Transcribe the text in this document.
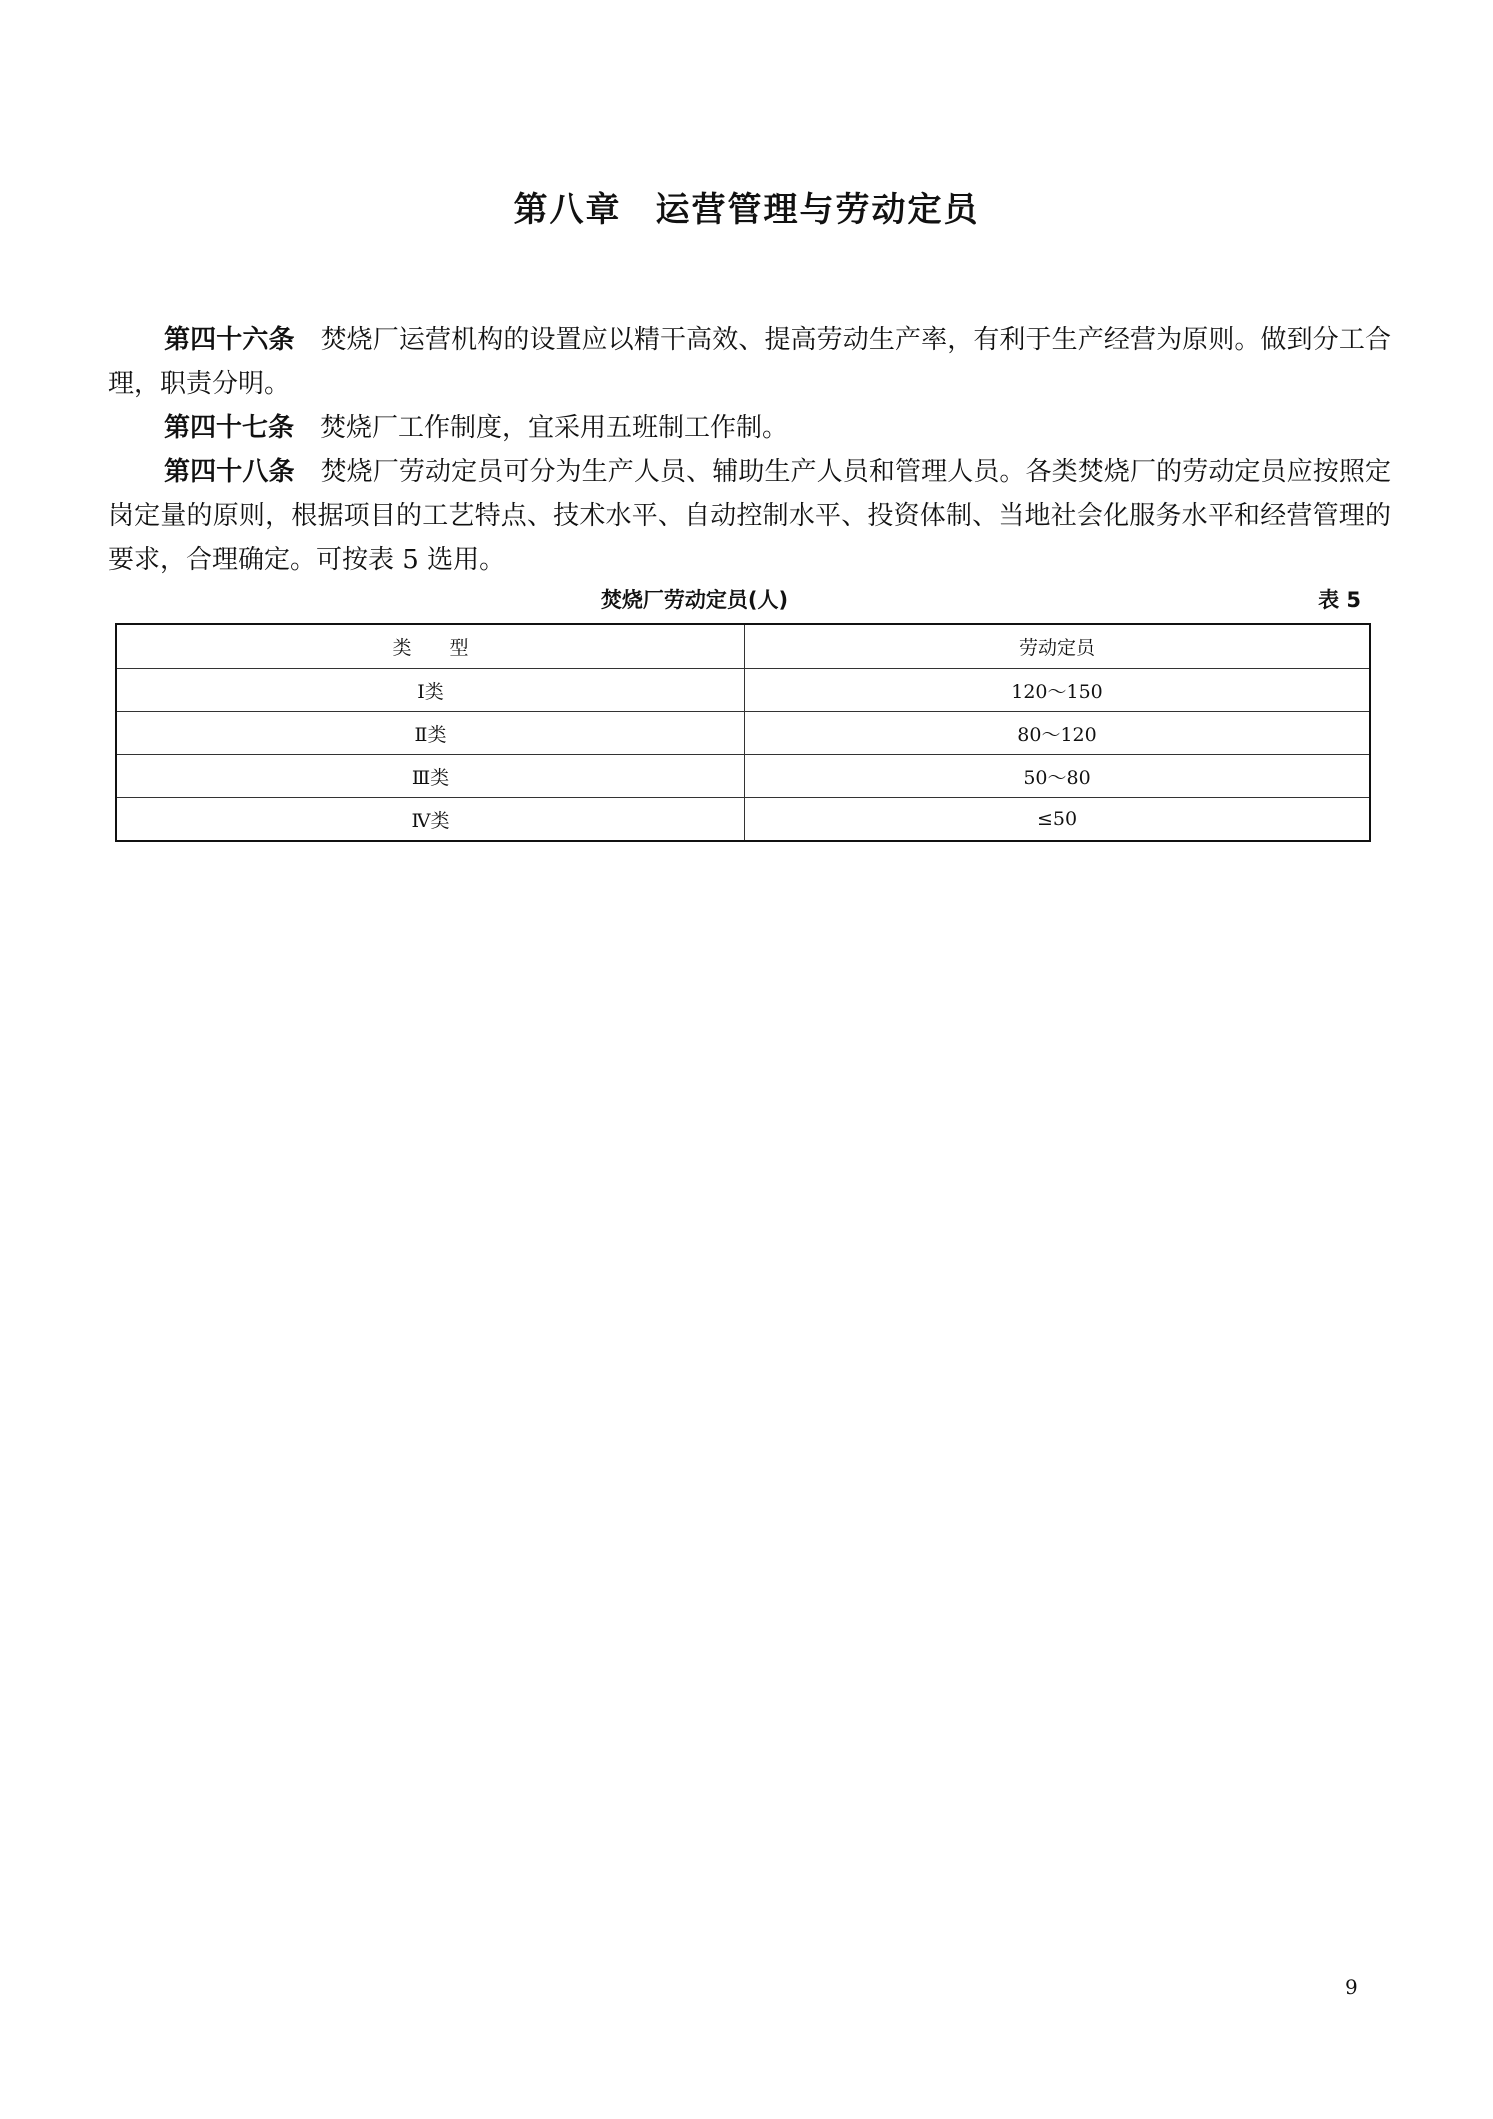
第八章 运营管理与劳动定员

第四十六条 焚烧厂运营机构的设置应以精干高效、提高劳动生产率，有利于生产经营为原则。做到分工合理，职责分明。

第四十七条 焚烧厂工作制度，宜采用五班制工作制。

第四十八条 焚烧厂劳动定员可分为生产人员、辅助生产人员和管理人员。各类焚烧厂的劳动定员应按照定岗定量的原则，根据项目的工艺特点、技术水平、自动控制水平、投资体制、当地社会化服务水平和经营管理的要求，合理确定。可按表 5 选用。

焚烧厂劳动定员(人)	表 5
类　　型	劳动定员
Ⅰ类	120～150
Ⅱ类	80～120
Ⅲ类	50～80
Ⅳ类	≤50
9
